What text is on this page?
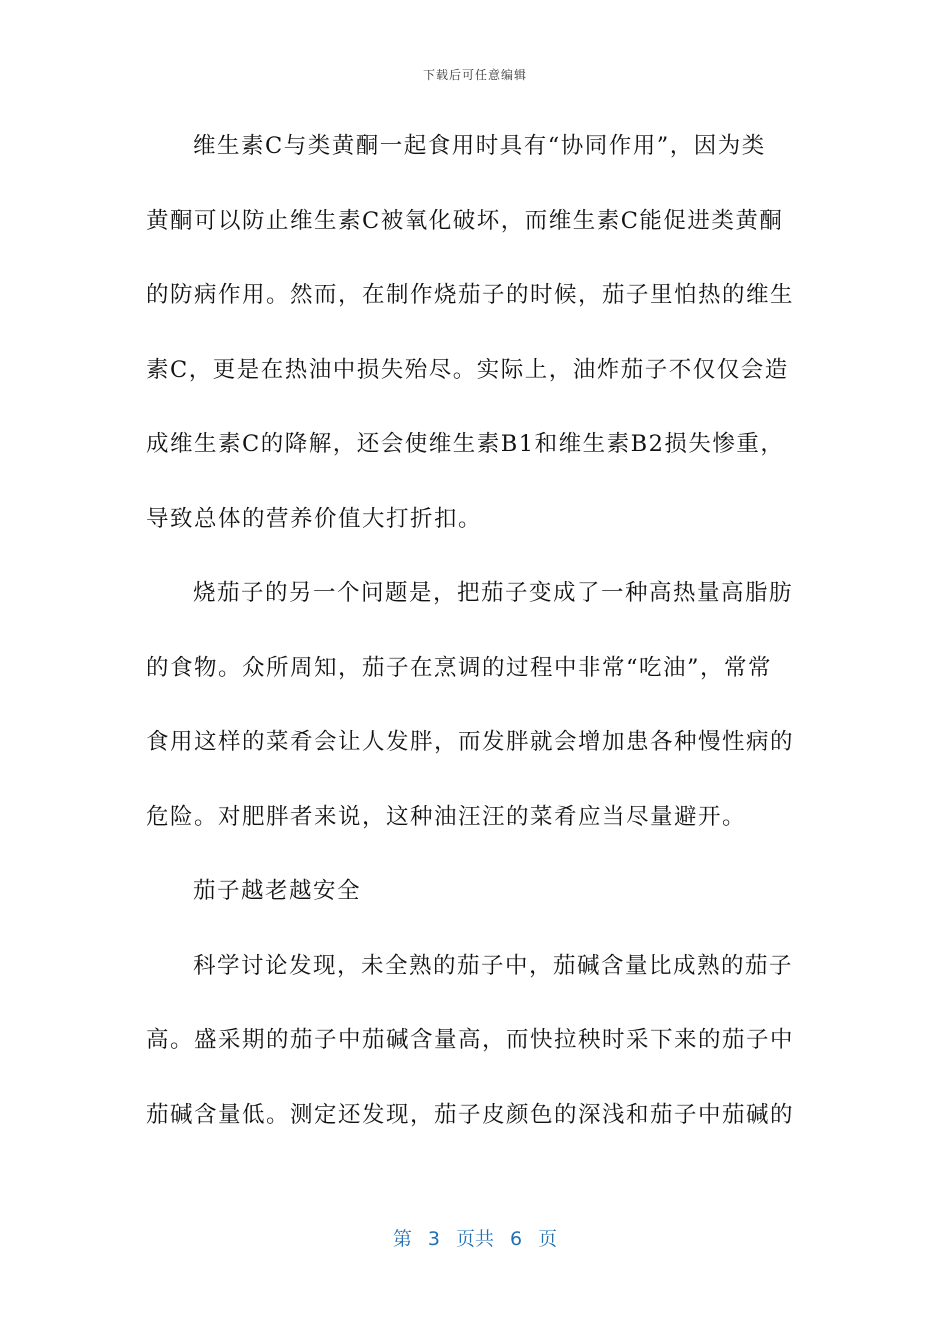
下载后可任意编辑
维生素C与类黄酮一起食用时具有“协同作用”，因为类
黄酮可以防止维生素C被氧化破坏，而维生素C能促进类黄酮
的防病作用。然而，在制作烧茄子的时候，茄子里怕热的维生
素C，更是在热油中损失殆尽。实际上，油炸茄子不仅仅会造
成维生素C的降解，还会使维生素B1和维生素B2损失惨重，
导致总体的营养价值大打折扣。
烧茄子的另一个问题是，把茄子变成了一种高热量高脂肪
的食物。众所周知，茄子在烹调的过程中非常“吃油”，常常
食用这样的菜肴会让人发胖，而发胖就会增加患各种慢性病的
危险。对肥胖者来说，这种油汪汪的菜肴应当尽量避开。
茄子越老越安全
科学讨论发现，未全熟的茄子中，茄碱含量比成熟的茄子
高。盛采期的茄子中茄碱含量高，而快拉秧时采下来的茄子中
茄碱含量低。测定还发现，茄子皮颜色的深浅和茄子中茄碱的
第 3 页共 6 页
